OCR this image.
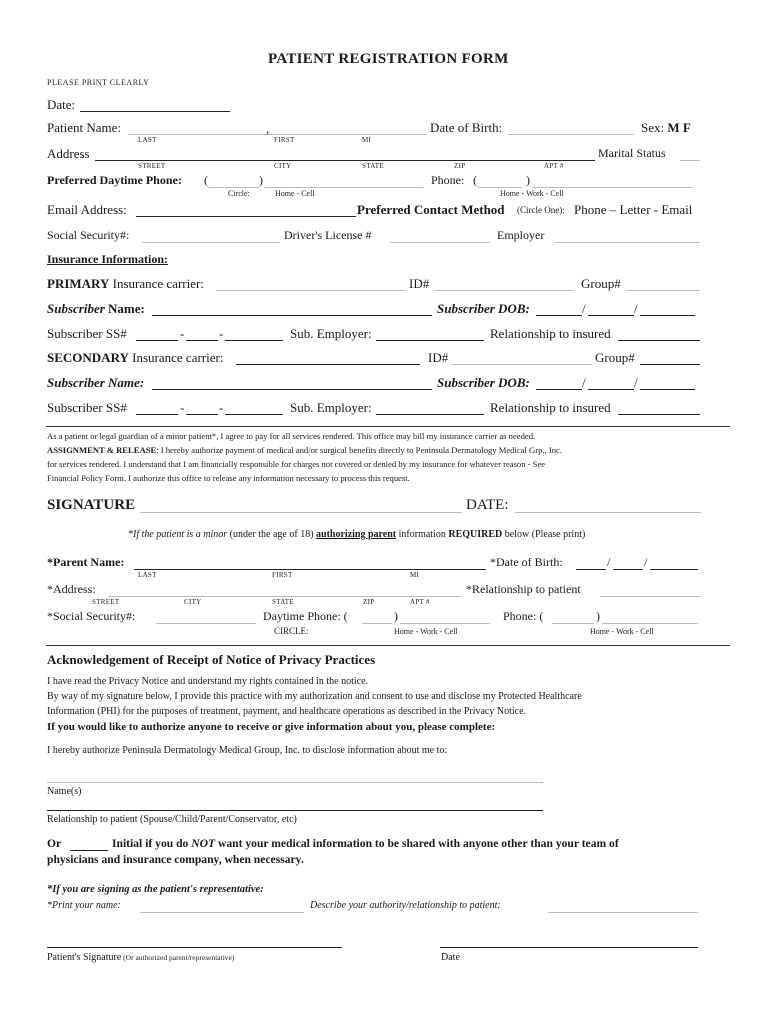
PATIENT REGISTRATION FORM
PLEASE PRINT CLEARLY
Date:
Patient Name:	,	Date of Birth:	Sex: M F
LAST	FIRST	MI
Address	Marital Status
STREET	CITY	STATE	ZIP	APT #
Preferred Daytime Phone: (	)	Phone: (	)
Circle:	Home - Cell	Home - Work - Cell
Email Address:	Preferred Contact Method (Circle One): Phone – Letter - Email
Social Security#:	Driver's License #	Employer
Insurance Information:
PRIMARY Insurance carrier:	ID#	Group#
Subscriber Name:	Subscriber DOB:	/	/
Subscriber SS#	-	-	Sub. Employer:	Relationship to insured
SECONDARY Insurance carrier:	ID#	Group#
Subscriber Name:	Subscriber DOB:	/	/
Subscriber SS#	-	-	Sub. Employer:	Relationship to insured
As a patient or legal guardian of a minor patient*, I agree to pay for all services rendered. This office may bill my insurance carrier as needed.
ASSIGNMENT & RELEASE: I hereby authorize payment of medical and/or surgical benefits directly to Peninsula Dermatology Medical Grp., Inc.
for services rendered. I understand that I am financially responsible for charges not covered or denied by my insurance for whatever reason - See
Financial Policy Form. I authorize this office to release any information necessary to process this request.
SIGNATURE	DATE:
*If the patient is a minor (under the age of 18) authorizing parent information REQUIRED below (Please print)
*Parent Name:	*Date of Birth:	/	/
LAST	FIRST	MI
*Address:	*Relationship to patient
STREET	CITY	STATE	ZIP	APT #
*Social Security#:	Daytime Phone: (	)	Phone: (	)
CIRCLE:	Home - Work - Cell	Home - Work - Cell
Acknowledgement of Receipt of Notice of Privacy Practices
I have read the Privacy Notice and understand my rights contained in the notice.
By way of my signature below, I provide this practice with my authorization and consent to use and disclose my Protected Healthcare
Information (PHI) for the purposes of treatment, payment, and healthcare operations as described in the Privacy Notice.
If you would like to authorize anyone to receive or give information about you, please complete:
I hereby authorize Peninsula Dermatology Medical Group, Inc. to disclose information about me to:
Name(s)
Relationship to patient (Spouse/Child/Parent/Conservator, etc)
Or	Initial if you do NOT want your medical information to be shared with anyone other than your team of
physicians and insurance company, when necessary.
*If you are signing as the patient's representative:
*Print your name:	Describe your authority/relationship to patient:
Patient's Signature (Or authorized parent/representative)	Date
